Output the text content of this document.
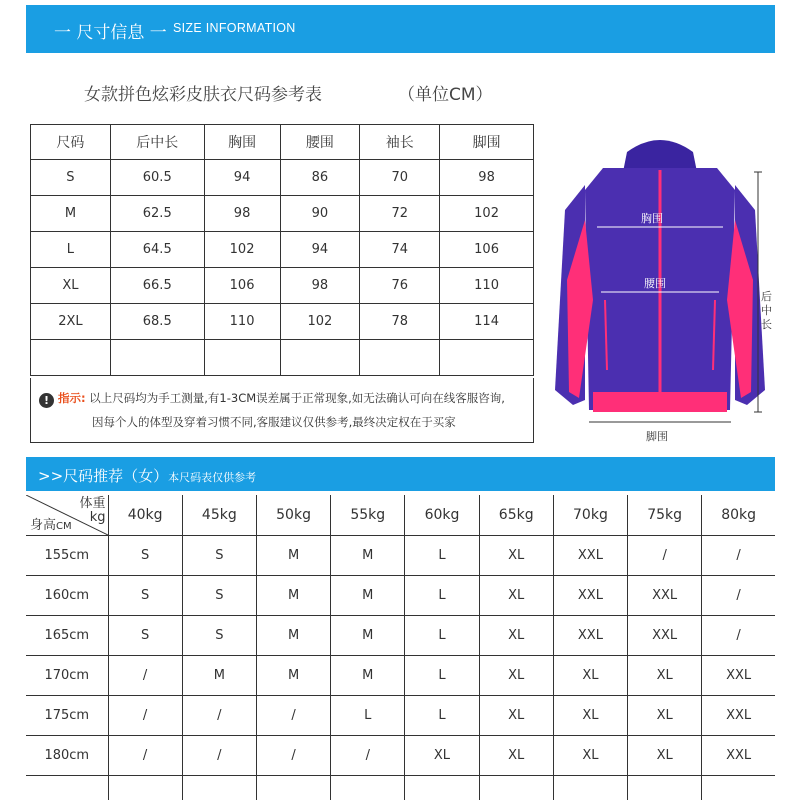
一 尺寸信息 一 SIZE INFORMATION
女款拼色炫彩皮肤衣尺码参考表	（单位CM）
尺码	后中长	胸围	腰围	袖长	脚围
S	60.5	94	86	70	98
M	62.5	98	90	72	102
L	64.5	102	94	74	106
XL	66.5	106	98	76	110
2XL	68.5	110	102	78	114

! 指示: 以上尺码均为手工测量,有1-3CM误差属于正常现象,如无法确认可向在线客服咨询,
因每个人的体型及穿着习惯不同,客服建议仅供参考,最终决定权在于买家
胸围
腰围
后中长
脚围
>>尺码推荐（女）本尺码表仅供参考
体重
kg
身高CM	40kg	45kg	50kg	55kg	60kg	65kg	70kg	75kg	80kg
155cm	S	S	M	M	L	XL	XXL	/	/
160cm	S	S	M	M	L	XL	XXL	XXL	/
165cm	S	S	M	M	L	XL	XXL	XXL	/
170cm	/	M	M	M	L	XL	XL	XL	XXL
175cm	/	/	/	L	L	XL	XL	XL	XXL
180cm	/	/	/	/	XL	XL	XL	XL	XXL
